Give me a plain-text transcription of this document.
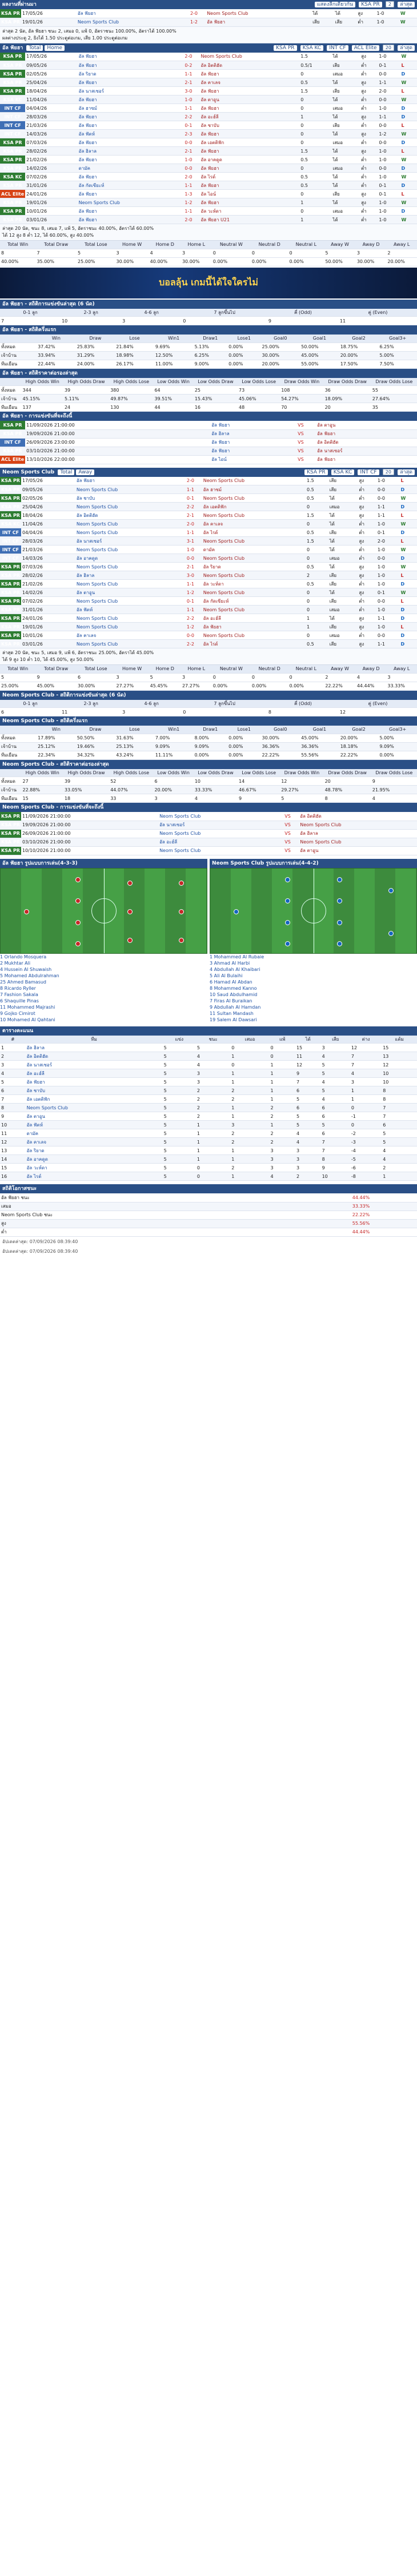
ผลงานที่ผ่านมา	แสดงลีกเดียวกัน KSA PR 2 ล่าสุด
KSA PR	17/05/26	อัล ฟัยฮา	2-0	Neom Sports Club	ได้	ได้	สูง	1-0	W
KSA PR	19/01/26	Neom Sports Club	1-2	อัล ฟัยฮา	เสีย	เสีย	ต่ำ	1-0	W
ล่าสุด 2 นัด, อัล ฟัยฮา ชนะ 2, เสมอ 0, แพ้ 0, อัตราชนะ 100.00%, อัตราได้ 100.00%
ผลต่างประตู 2, ยิงได้ 1.50 ประตูต่อเกม, เสีย 1.00 ประตูต่อเกม
อัล ฟัยฮา Total Home	KSA PR KSA KC INT CF ACL Elite 20 ล่าสุด
KSA PR	17/05/26	อัล ฟัยฮา	2-0	Neom Sports Club	1.5	ได้	สูง	1-0	W
KSA PR	09/05/26	อัล ฟัยฮา	0-2	อัล อิตติฮัด	0.5/1	เสีย	ต่ำ	0-1	L
KSA PR	02/05/26	อัล ริยาด	1-1	อัล ฟัยฮา	0	เสมอ	ต่ำ	0-0	D
KSA PR	25/04/26	อัล ฟัยฮา	2-1	อัล คาเลจ	0.5	ได้	สูง	1-1	W
KSA PR	18/04/26	อัล นาสเซอร์	3-0	อัล ฟัยฮา	1.5	เสีย	สูง	2-0	L
KSA KC	11/04/26	อัล ฟัยฮา	1-0	อัล ตาอูน	0	ได้	ต่ำ	0-0	W
INT CF	04/04/26	อัล ฮาซม์	1-1	อัล ฟัยฮา	0	เสมอ	ต่ำ	1-0	D
INT CF	28/03/26	อัล ฟัยฮา	2-2	อัล อะฮ์ลี	1	ได้	สูง	1-1	D
INT CF	21/03/26	อัล ฟัยฮา	0-1	อัล ชาบับ	0	เสีย	ต่ำ	0-0	L
INT CF	14/03/26	อัล ฟัตห์	2-3	อัล ฟัยฮา	0	ได้	สูง	1-2	W
KSA PR	07/03/26	อัล ฟัยฮา	0-0	อัล เอตติฟัก	0	เสมอ	ต่ำ	0-0	D
KSA PR	28/02/26	อัล ฮิลาล	2-1	อัล ฟัยฮา	1.5	ได้	สูง	1-0	L
KSA PR	21/02/26	อัล ฟัยฮา	1-0	อัล อาคดูด	0.5	ได้	ต่ำ	1-0	W
KSA PR	14/02/26	ดามัค	0-0	อัล ฟัยฮา	0	เสมอ	ต่ำ	0-0	D
KSA KC	07/02/26	อัล ฟัยฮา	2-0	อัล ไรด์	0.5	ได้	ต่ำ	1-0	W
KSA PR	31/01/26	อัล กัดเซียะห์	1-1	อัล ฟัยฮา	0.5	ได้	ต่ำ	0-1	D
ACL Elite	24/01/26	อัล ฟัยฮา	1-3	อัล ไอน์	0	เสีย	สูง	0-1	L
KSA PR	19/01/26	Neom Sports Club	1-2	อัล ฟัยฮา	1	ได้	สูง	1-0	W
KSA PR	10/01/26	อัล ฟัยฮา	1-1	อัล วะห์ดา	0	เสมอ	ต่ำ	1-0	D
KSA PR	03/01/26	อัล ฟัยฮา	2-0	อัล ฟัยฮา U21	1	ได้	ต่ำ	1-0	W
ล่าสุด 20 นัด, ชนะ 8, เสมอ 7, แพ้ 5, อัตราชนะ 40.00%, อัตราได้ 60.00%
ได้ 12 สูง 8 ต่ำ 12, ได้ 60.00%, สูง 40.00%
Total Win	Total Draw	Total Lose	Home W	Home D	Home L	Neutral W	Neutral D	Neutral L	Away W	Away D	Away L
8	7	5	3	4	3	0	0	0	5	3	2
40.00%	35.00%	25.00%	30.00%	40.00%	30.00%	0.00%	0.00%	0.00%	50.00%	30.00%	20.00%
บอลลุ้น เกมนี้ได้ใจใครไม่
อัล ฟัยฮา - สถิติการแข่งขันล่าสุด (6 นัด)
0-1 ลูก	2-3 ลูก	4-6 ลูก	7 ลูกขึ้นไป	คี่ (Odd)	คู่ (Even)
7	10	3	0	9	11
อัล ฟัยฮา - สถิติครึ่งแรก
	Win	Draw	Lose	Win1	Draw1	Lose1	Goal0	Goal1	Goal2	Goal3+
ทั้งหมด	37.42%	25.83%	21.84%	9.69%	5.13%	0.00%	25.00%	50.00%	18.75%	6.25%
เจ้าบ้าน	33.94%	31.29%	18.98%	12.50%	6.25%	0.00%	30.00%	45.00%	20.00%	5.00%
ทีมเยือน	22.44%	24.00%	26.17%	11.00%	9.00%	0.00%	20.00%	55.00%	17.50%	7.50%
อัล ฟัยฮา - สถิติราคาต่อรองล่าสุด
	High Odds Win	High Odds Draw	High Odds Lose	Low Odds Win	Low Odds Draw	Low Odds Lose	Draw Odds Win	Draw Odds Draw	Draw Odds Lose
ทั้งหมด	344	39	380	64	25	73	108	36	55
เจ้าบ้าน	45.15%	5.11%	49.87%	39.51%	15.43%	45.06%	54.27%	18.09%	27.64%
ทีมเยือน	137	24	130	44	16	48	70	20	35
อัล ฟัยฮา - การแข่งขันที่จะถึงนี้
KSA PR	11/09/2026 21:00:00	อัล ฟัยฮา	VS	อัล ตาอูน
KSA PR	19/09/2026 21:00:00	อัล ฮิลาล	VS	อัล ฟัยฮา
INT CF	26/09/2026 23:00:00	อัล ฟัยฮา	VS	อัล อิตติฮัด
KSA PR	03/10/2026 21:00:00	อัล ฟัยฮา	VS	อัล นาสเซอร์
ACL Elite	13/10/2026 22:00:00	อัล ไอน์	VS	อัล ฟัยฮา
Neom Sports Club Total Away	KSA PR KSA KC INT CF 20 ล่าสุด
KSA PR	17/05/26	อัล ฟัยฮา	2-0	Neom Sports Club	1.5	เสีย	สูง	1-0	L
KSA PR	09/05/26	Neom Sports Club	1-1	อัล ฮาซม์	0.5	เสีย	ต่ำ	0-0	D
KSA PR	02/05/26	อัล ชาบับ	0-1	Neom Sports Club	0.5	ได้	ต่ำ	0-0	W
KSA PR	25/04/26	Neom Sports Club	2-2	อัล เอตติฟัก	0	เสมอ	สูง	1-1	D
KSA PR	18/04/26	อัล อิตติฮัด	2-1	Neom Sports Club	1.5	ได้	สูง	1-1	L
KSA KC	11/04/26	Neom Sports Club	2-0	อัล คาเลจ	0	ได้	ต่ำ	1-0	W
INT CF	04/04/26	Neom Sports Club	1-1	อัล ไรด์	0.5	เสีย	ต่ำ	0-1	D
INT CF	28/03/26	อัล นาสเซอร์	3-1	Neom Sports Club	1.5	ได้	สูง	2-0	L
INT CF	21/03/26	Neom Sports Club	1-0	ดามัค	0	ได้	ต่ำ	1-0	W
INT CF	14/03/26	อัล อาคดูด	0-0	Neom Sports Club	0	เสมอ	ต่ำ	0-0	D
KSA PR	07/03/26	Neom Sports Club	2-1	อัล ริยาด	0.5	ได้	สูง	1-0	W
KSA PR	28/02/26	อัล ฮิลาล	3-0	Neom Sports Club	2	เสีย	สูง	1-0	L
KSA PR	21/02/26	Neom Sports Club	1-1	อัล วะห์ดา	0.5	เสีย	ต่ำ	1-0	D
KSA PR	14/02/26	อัล ตาอูน	1-2	Neom Sports Club	0	ได้	สูง	0-1	W
KSA PR	07/02/26	Neom Sports Club	0-1	อัล กัดเซียะห์	0	เสีย	ต่ำ	0-0	L
KSA PR	31/01/26	อัล ฟัตห์	1-1	Neom Sports Club	0	เสมอ	ต่ำ	1-0	D
KSA PR	24/01/26	Neom Sports Club	2-2	อัล อะฮ์ลี	1	ได้	สูง	1-1	D
KSA PR	19/01/26	Neom Sports Club	1-2	อัล ฟัยฮา	1	เสีย	สูง	1-0	L
KSA PR	10/01/26	อัล คาเลจ	0-0	Neom Sports Club	0	เสมอ	ต่ำ	0-0	D
KSA PR	03/01/26	Neom Sports Club	2-2	อัล ไรด์	0.5	เสีย	สูง	1-1	D
ล่าสุด 20 นัด, ชนะ 5, เสมอ 9, แพ้ 6, อัตราชนะ 25.00%, อัตราได้ 45.00%
ได้ 9 สูง 10 ต่ำ 10, ได้ 45.00%, สูง 50.00%
Total Win	Total Draw	Total Lose	Home W	Home D	Home L	Neutral W	Neutral D	Neutral L	Away W	Away D	Away L
5	9	6	3	5	3	0	0	0	2	4	3
25.00%	45.00%	30.00%	27.27%	45.45%	27.27%	0.00%	0.00%	0.00%	22.22%	44.44%	33.33%
Neom Sports Club - สถิติการแข่งขันล่าสุด (6 นัด)
0-1 ลูก	2-3 ลูก	4-6 ลูก	7 ลูกขึ้นไป	คี่ (Odd)	คู่ (Even)
6	11	3	0	8	12
Neom Sports Club - สถิติครึ่งแรก
	Win	Draw	Lose	Win1	Draw1	Lose1	Goal0	Goal1	Goal2	Goal3+
ทั้งหมด	17.89%	50.50%	31.63%	7.00%	8.00%	0.00%	30.00%	45.00%	20.00%	5.00%
เจ้าบ้าน	25.12%	19.46%	25.13%	9.09%	9.09%	0.00%	36.36%	36.36%	18.18%	9.09%
ทีมเยือน	22.34%	34.32%	43.24%	11.11%	0.00%	0.00%	22.22%	55.56%	22.22%	0.00%
Neom Sports Club - สถิติราคาต่อรองล่าสุด
	High Odds Win	High Odds Draw	High Odds Lose	Low Odds Win	Low Odds Draw	Low Odds Lose	Draw Odds Win	Draw Odds Draw	Draw Odds Lose
ทั้งหมด	27	39	52	6	10	14	12	20	9
เจ้าบ้าน	22.88%	33.05%	44.07%	20.00%	33.33%	46.67%	29.27%	48.78%	21.95%
ทีมเยือน	15	18	33	3	4	9	5	8	4
Neom Sports Club - การแข่งขันที่จะถึงนี้
KSA PR	11/09/2026 21:00:00	Neom Sports Club	VS	อัล อิตติฮัด
KSA PR	19/09/2026 21:00:00	อัล นาสเซอร์	VS	Neom Sports Club
KSA PR	26/09/2026 21:00:00	Neom Sports Club	VS	อัล ฮิลาล
KSA PR	03/10/2026 21:00:00	อัล อะฮ์ลี	VS	Neom Sports Club
KSA PR	10/10/2026 21:00:00	Neom Sports Club	VS	อัล ตาอูน
อัล ฟัยฮา รูปแบบการเล่น(4-3-3)
1 Orlando Mosquera
2 Mukhtar Ali
4 Hussein Al Shuwaish
5 Mohamed Abdulrahman
25 Ahmed Bamasud
8 Ricardo Ryller
7 Fashion Sakala
6 Shaquille Pinas
11 Mohammed Majrashi
9 Gojko Cimirot
10 Mohamed Al Qahtani
Neom Sports Club รูปแบบการเล่น(4-4-2)
1 Mohammed Al Rubaie
3 Ahmad Al Harbi
4 Abdullah Al Khaibari
5 Ali Al Bulaihi
6 Hamad Al Abdan
8 Mohammed Kanno
10 Saud Abdulhamid
7 Firas Al Buraikan
9 Abdullah Al Hamdan
11 Sultan Mandash
19 Salem Al Dawsari
ตารางคะแนน
#	ทีม	แข่ง	ชนะ	เสมอ	แพ้	ได้	เสีย	ต่าง	แต้ม
1	อัล ฮิลาล	5	5	0	0	15	3	12	15
2	อัล อิตติฮัด	5	4	1	0	11	4	7	13
3	อัล นาสเซอร์	5	4	0	1	12	5	7	12
4	อัล อะฮ์ลี	5	3	1	1	9	5	4	10
5	อัล ฟัยฮา	5	3	1	1	7	4	3	10
6	อัล ชาบับ	5	2	2	1	6	5	1	8
7	อัล เอตติฟัก	5	2	2	1	5	4	1	8
8	Neom Sports Club	5	2	1	2	6	6	0	7
9	อัล ตาอูน	5	2	1	2	5	6	-1	7
10	อัล ฟัตห์	5	1	3	1	5	5	0	6
11	ดามัค	5	1	2	2	4	6	-2	5
12	อัล คาเลจ	5	1	2	2	4	7	-3	5
13	อัล ริยาด	5	1	1	3	3	7	-4	4
14	อัล อาคดูด	5	1	1	3	3	8	-5	4
15	อัล วะห์ดา	5	0	2	3	3	9	-6	2
16	อัล ไรด์	5	0	1	4	2	10	-8	1
สถิติโอกาสชนะ
อัล ฟัยฮา ชนะ	44.44%
เสมอ	33.33%
Neom Sports Club ชนะ	22.22%
สูง	55.56%
ต่ำ	44.44%
อัปเดตล่าสุด: 07/09/2026 08:39:40
อัปเดตล่าสุด: 07/09/2026 08:39:40
